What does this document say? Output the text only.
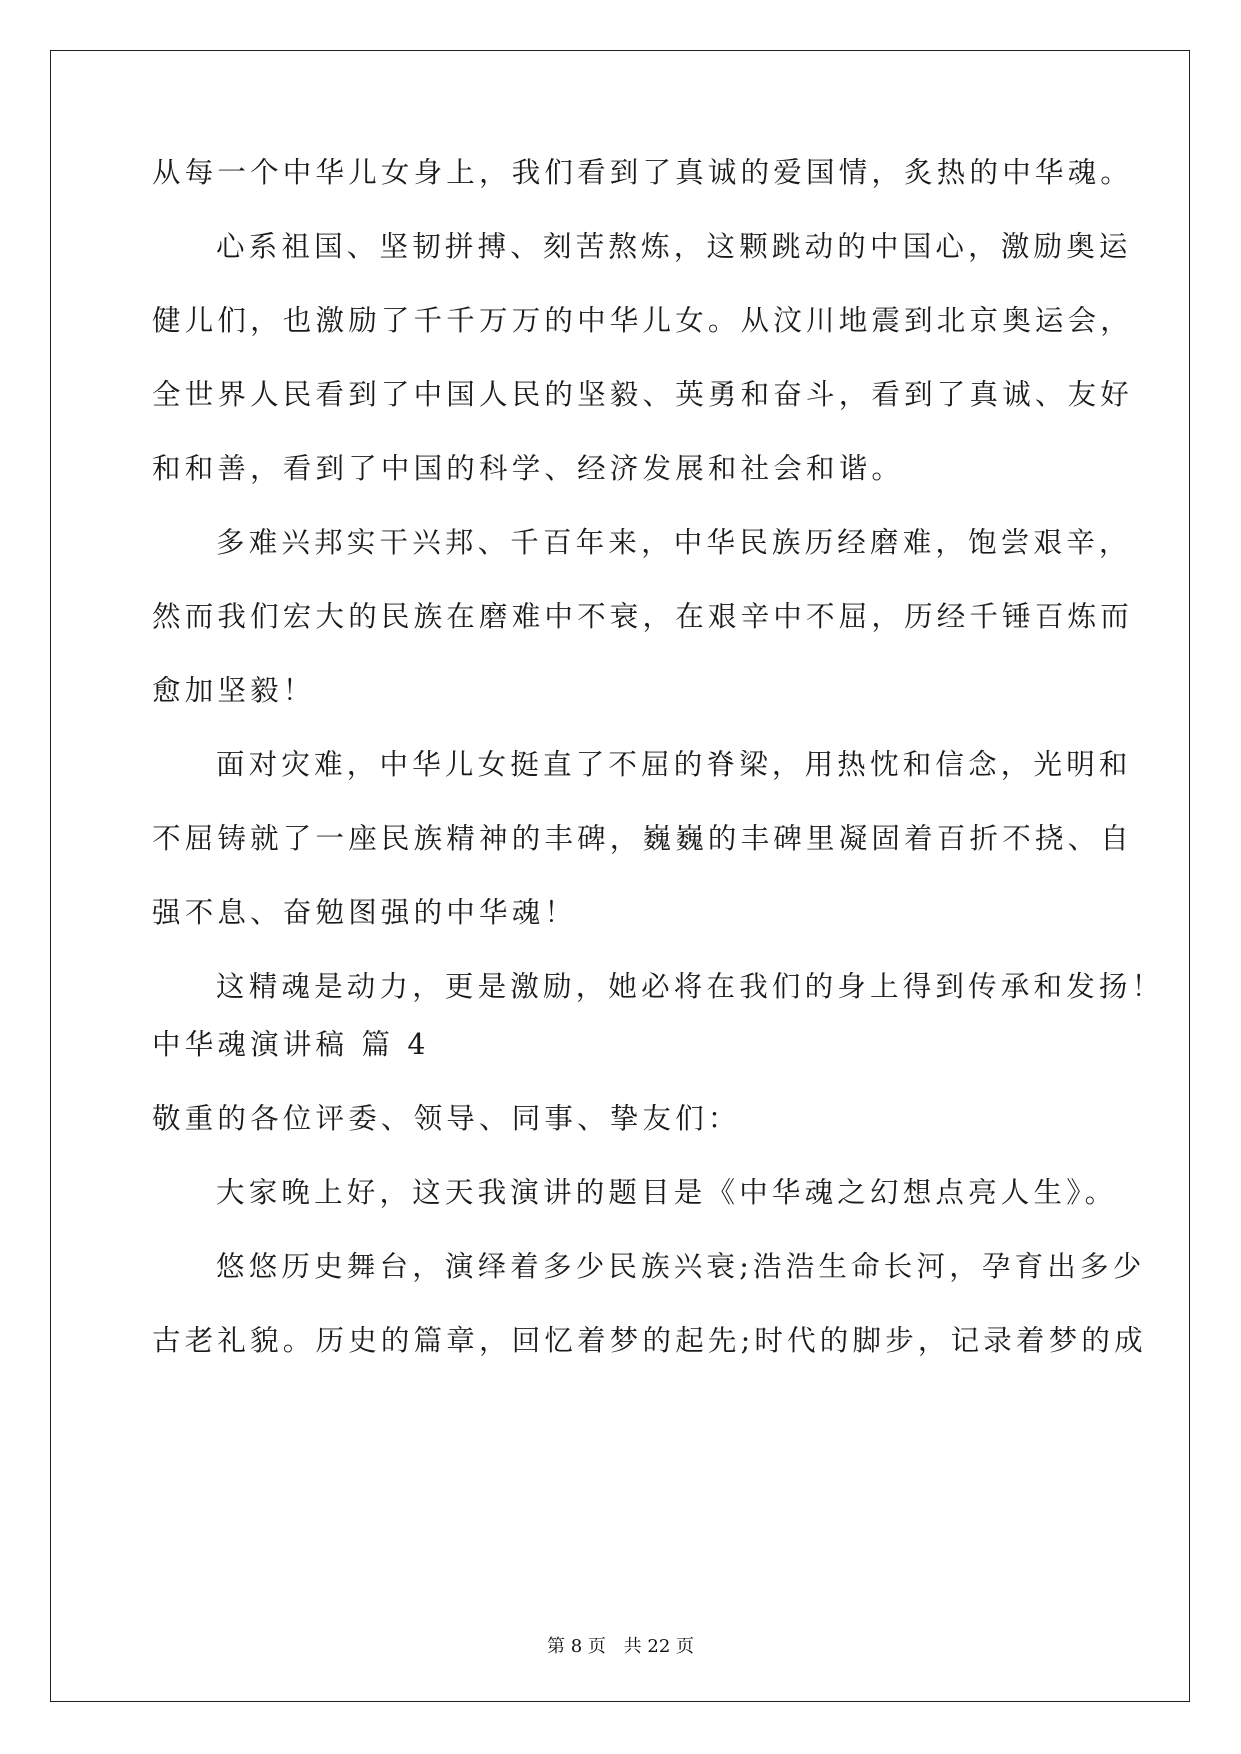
从每一个中华儿女身上，我们看到了真诚的爱国情，炙热的中华魂。
心系祖国、坚韧拼搏、刻苦熬炼，这颗跳动的中国心，激励奥运
健儿们，也激励了千千万万的中华儿女。从汶川地震到北京奥运会，
全世界人民看到了中国人民的坚毅、英勇和奋斗，看到了真诚、友好
和和善，看到了中国的科学、经济发展和社会和谐。
多难兴邦实干兴邦、千百年来，中华民族历经磨难，饱尝艰辛，
然而我们宏大的民族在磨难中不衰，在艰辛中不屈，历经千锤百炼而
愈加坚毅！
面对灾难，中华儿女挺直了不屈的脊梁，用热忱和信念，光明和
不屈铸就了一座民族精神的丰碑，巍巍的丰碑里凝固着百折不挠、自
强不息、奋勉图强的中华魂！
这精魂是动力，更是激励，她必将在我们的身上得到传承和发扬！
中华魂演讲稿 篇 4
敬重的各位评委、领导、同事、挚友们：
大家晚上好，这天我演讲的题目是《中华魂之幻想点亮人生》。
悠悠历史舞台，演绎着多少民族兴衰;浩浩生命长河，孕育出多少
古老礼貌。历史的篇章，回忆着梦的起先;时代的脚步，记录着梦的成
第 8 页 共 22 页
